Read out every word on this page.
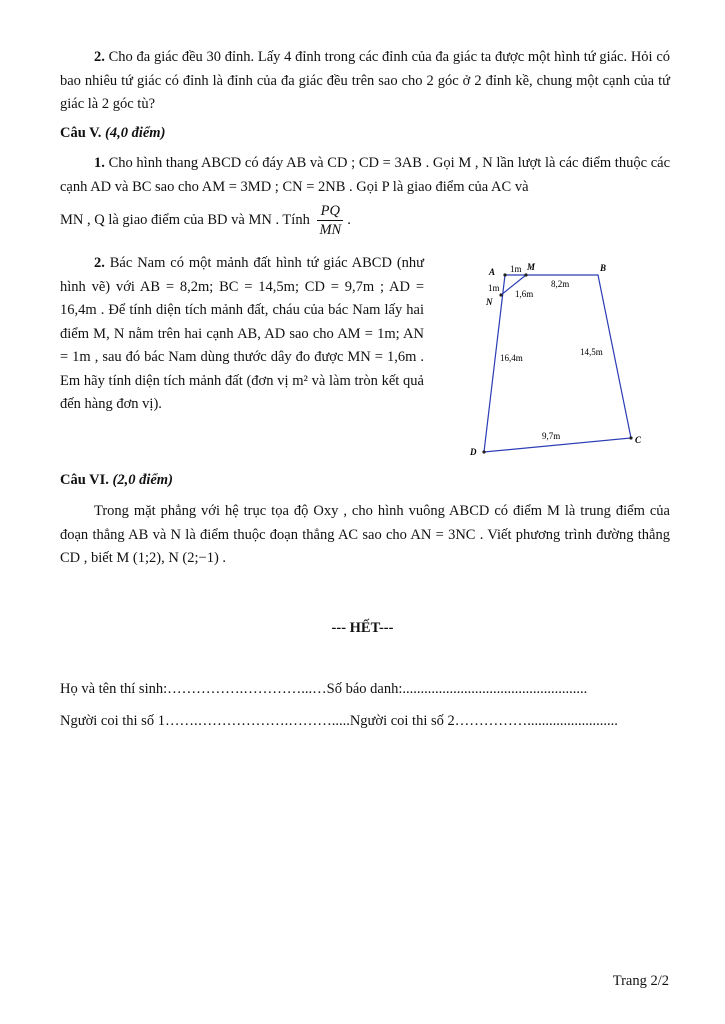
2. Cho đa giác đều 30 đỉnh. Lấy 4 đỉnh trong các đỉnh của đa giác ta được một hình tứ giác. Hỏi có bao nhiêu tứ giác có đỉnh là đỉnh của đa giác đều trên sao cho 2 góc ở 2 đỉnh kề, chung một cạnh của tứ giác là 2 góc tù?
Câu V. (4,0 điểm)
1. Cho hình thang ABCD có đáy AB và CD ; CD = 3AB . Gọi M , N lần lượt là các điểm thuộc các cạnh AD và BC sao cho AM = 3MD ; CN = 2NB . Gọi P là giao điểm của AC và
MN , Q là giao điểm của BD và MN . Tính $\frac{PQ}{MN}$ .
2. Bác Nam có một mảnh đất hình tứ giác ABCD (như hình vẽ) với AB = 8,2m; BC = 14,5m; CD = 9,7m ; AD = 16,4m . Để tính diện tích mảnh đất, cháu của bác Nam lấy hai điểm M, N nằm trên hai cạnh AB, AD sao cho AM = 1m; AN = 1m , sau đó bác Nam dùng thước dây đo được MN = 1,6m . Em hãy tính diện tích mảnh đất (đơn vị m² và làm tròn kết quả đến hàng đơn vị).
A	M	B
N
C
D
1m
1m
1,6m
8,2m
14,5m
9,7m
16,4m
Câu VI. (2,0 điểm)
Trong mặt phẳng với hệ trục tọa độ Oxy , cho hình vuông ABCD có điểm M là trung điểm của đoạn thẳng AB và N là điểm thuộc đoạn thẳng AC sao cho AN = 3NC . Viết phương trình đường thẳng CD , biết M (1;2), N (2;−1) .
--- HẾT---
Họ và tên thí sinh:…………….…………...…Số báo danh:...................................................
Người coi thi số 1…….……………….……….....Người coi thi số 2…………….........................
Trang 2/2
